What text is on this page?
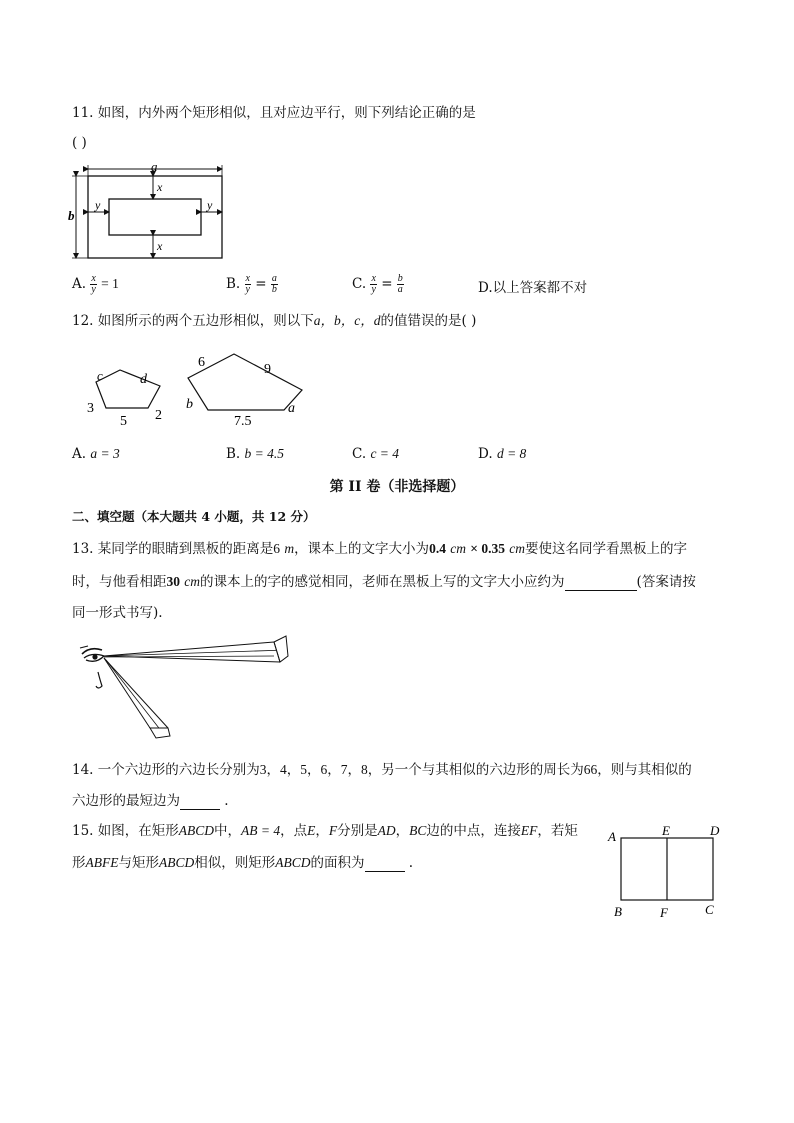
11. 如图，内外两个矩形相似，且对应边平行，则下列结论正确的是
( )
a
b
x
x
y	y
A. $\frac{x}{y} = 1$	B. $\frac{x}{y} = \frac{a}{b}$	C. $\frac{x}{y} = \frac{b}{a}$	D.以上答案都不对
12. 如图所示的两个五边形相似，则以下a，b，c，d的值错误的是( )
c	d
3
5 2
6	9
b
7.5
a
A. a = 3	B. b = 4.5	C. c = 4	D. d = 8
第 II 卷（非选择题）
二、填空题（本大题共 4 小题，共 12 分）
13. 某同学的眼睛到黑板的距离是6 m，课本上的文字大小为0.4 cm × 0.35 cm要使这名同学看黑板上的字
时，与他看相距30 cm的课本上的字的感觉相同，老师在黑板上写的文字大小应约为	(答案请按
同一形式书写).
14. 一个六边形的六边长分别为3，4，5，6，7，8，另一个与其相似的六边形的周长为66，则与其相似的
六边形的最短边为	.
15. 如图，在矩形ABCD中，AB = 4，点E，F分别是AD，BC边的中点，连接EF，若矩
形ABFE与矩形ABCD相似，则矩形ABCD的面积为	.
A	E	D
B	F	C
